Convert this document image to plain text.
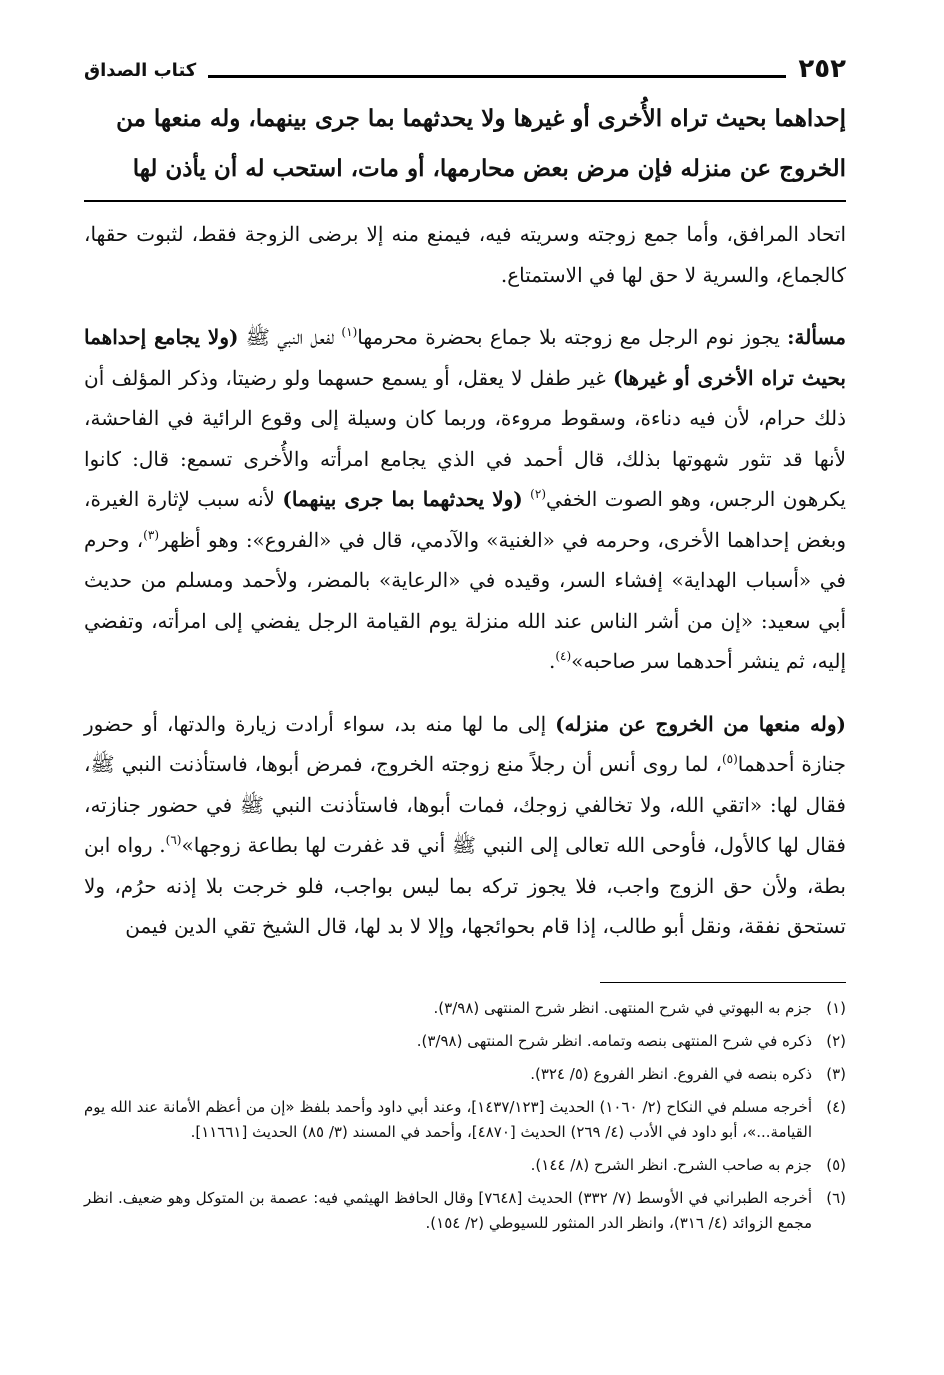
٢٥٢
كتاب الصداق

إحداهما بحيث تراه الأُخرى أو غيرها ولا يحدثهما بما جرى بينهما، وله منعها من

الخروج عن منزله فإن مرض بعض محارمها، أو مات، استحب له أن يأذن لها

اتحاد المرافق، وأما جمع زوجته وسريته فيه، فيمنع منه إلا برضى الزوجة فقط، لثبوت حقها، كالجماع، والسرية لا حق لها في الاستمتاع.

مسألة: يجوز نوم الرجل مع زوجته بلا جماع بحضرة محرمها$^{(١)}$ لفعل النبي ﷺ (ولا يجامع إحداهما بحيث تراه الأخرى أو غيرها) غير طفل لا يعقل، أو يسمع حسهما ولو رضيتا، وذكر المؤلف أن ذلك حرام، لأن فيه دناءة، وسقوط مروءة، وربما كان وسيلة إلى وقوع الرائية في الفاحشة، لأنها قد تثور شهوتها بذلك، قال أحمد في الذي يجامع امرأته والأُخرى تسمع: قال: كانوا يكرهون الرجس، وهو الصوت الخفي$^{(٢)}$ (ولا يحدثهما بما جرى بينهما) لأنه سبب لإثارة الغيرة، وبغض إحداهما الأخرى، وحرمه في «الغنية» والآدمي، قال في «الفروع»: وهو أظهر$^{(٣)}$، وحرم في «أسباب الهداية» إفشاء السر، وقيده في «الرعاية» بالمضر، ولأحمد ومسلم من حديث أبي سعيد: «إن من أشر الناس عند الله منزلة يوم القيامة الرجل يفضي إلى امرأته، وتفضي إليه، ثم ينشر أحدهما سر صاحبه»$^{(٤)}$.

(وله منعها من الخروج عن منزله) إلى ما لها منه بد، سواء أرادت زيارة والدتها، أو حضور جنازة أحدهما$^{(٥)}$، لما روى أنس أن رجلاً منع زوجته الخروج، فمرض أبوها، فاستأذنت النبي ﷺ، فقال لها: «اتقي الله، ولا تخالفي زوجك، فمات أبوها، فاستأذنت النبي ﷺ في حضور جنازته، فقال لها كالأول، فأوحى الله تعالى إلى النبي ﷺ أني قد غفرت لها بطاعة زوجها»$^{(٦)}$. رواه ابن بطة، ولأن حق الزوج واجب، فلا يجوز تركه بما ليس بواجب، فلو خرجت بلا إذنه حرُم، ولا تستحق نفقة، ونقل أبو طالب، إذا قام بحوائجها، وإلا لا بد لها، قال الشيخ تقي الدين فيمن

(١)
جزم به البهوتي في شرح المنتهى. انظر شرح المنتهى (٣/٩٨).
(٢)
ذكره في شرح المنتهى بنصه وتمامه. انظر شرح المنتهى (٣/٩٨).
(٣)
ذكره بنصه في الفروع. انظر الفروع (٥/ ٣٢٤).
(٤)
أخرجه مسلم في النكاح (٢/ ١٠٦٠) الحديث [١٤٣٧/١٢٣]، وعند أبي داود وأحمد بلفظ «إن من أعظم الأمانة عند الله يوم القيامة...»، أبو داود في الأدب (٤/ ٢٦٩) الحديث [٤٨٧٠]، وأحمد في المسند (٣/ ٨٥) الحديث [١١٦٦١].
(٥)
جزم به صاحب الشرح. انظر الشرح (٨/ ١٤٤).
(٦)
أخرجه الطبراني في الأوسط (٧/ ٣٣٢) الحديث [٧٦٤٨] وقال الحافظ الهيثمي فيه: عصمة بن المتوكل وهو ضعيف. انظر مجمع الزوائد (٤/ ٣١٦)، وانظر الدر المنثور للسيوطي (٢/ ١٥٤).
